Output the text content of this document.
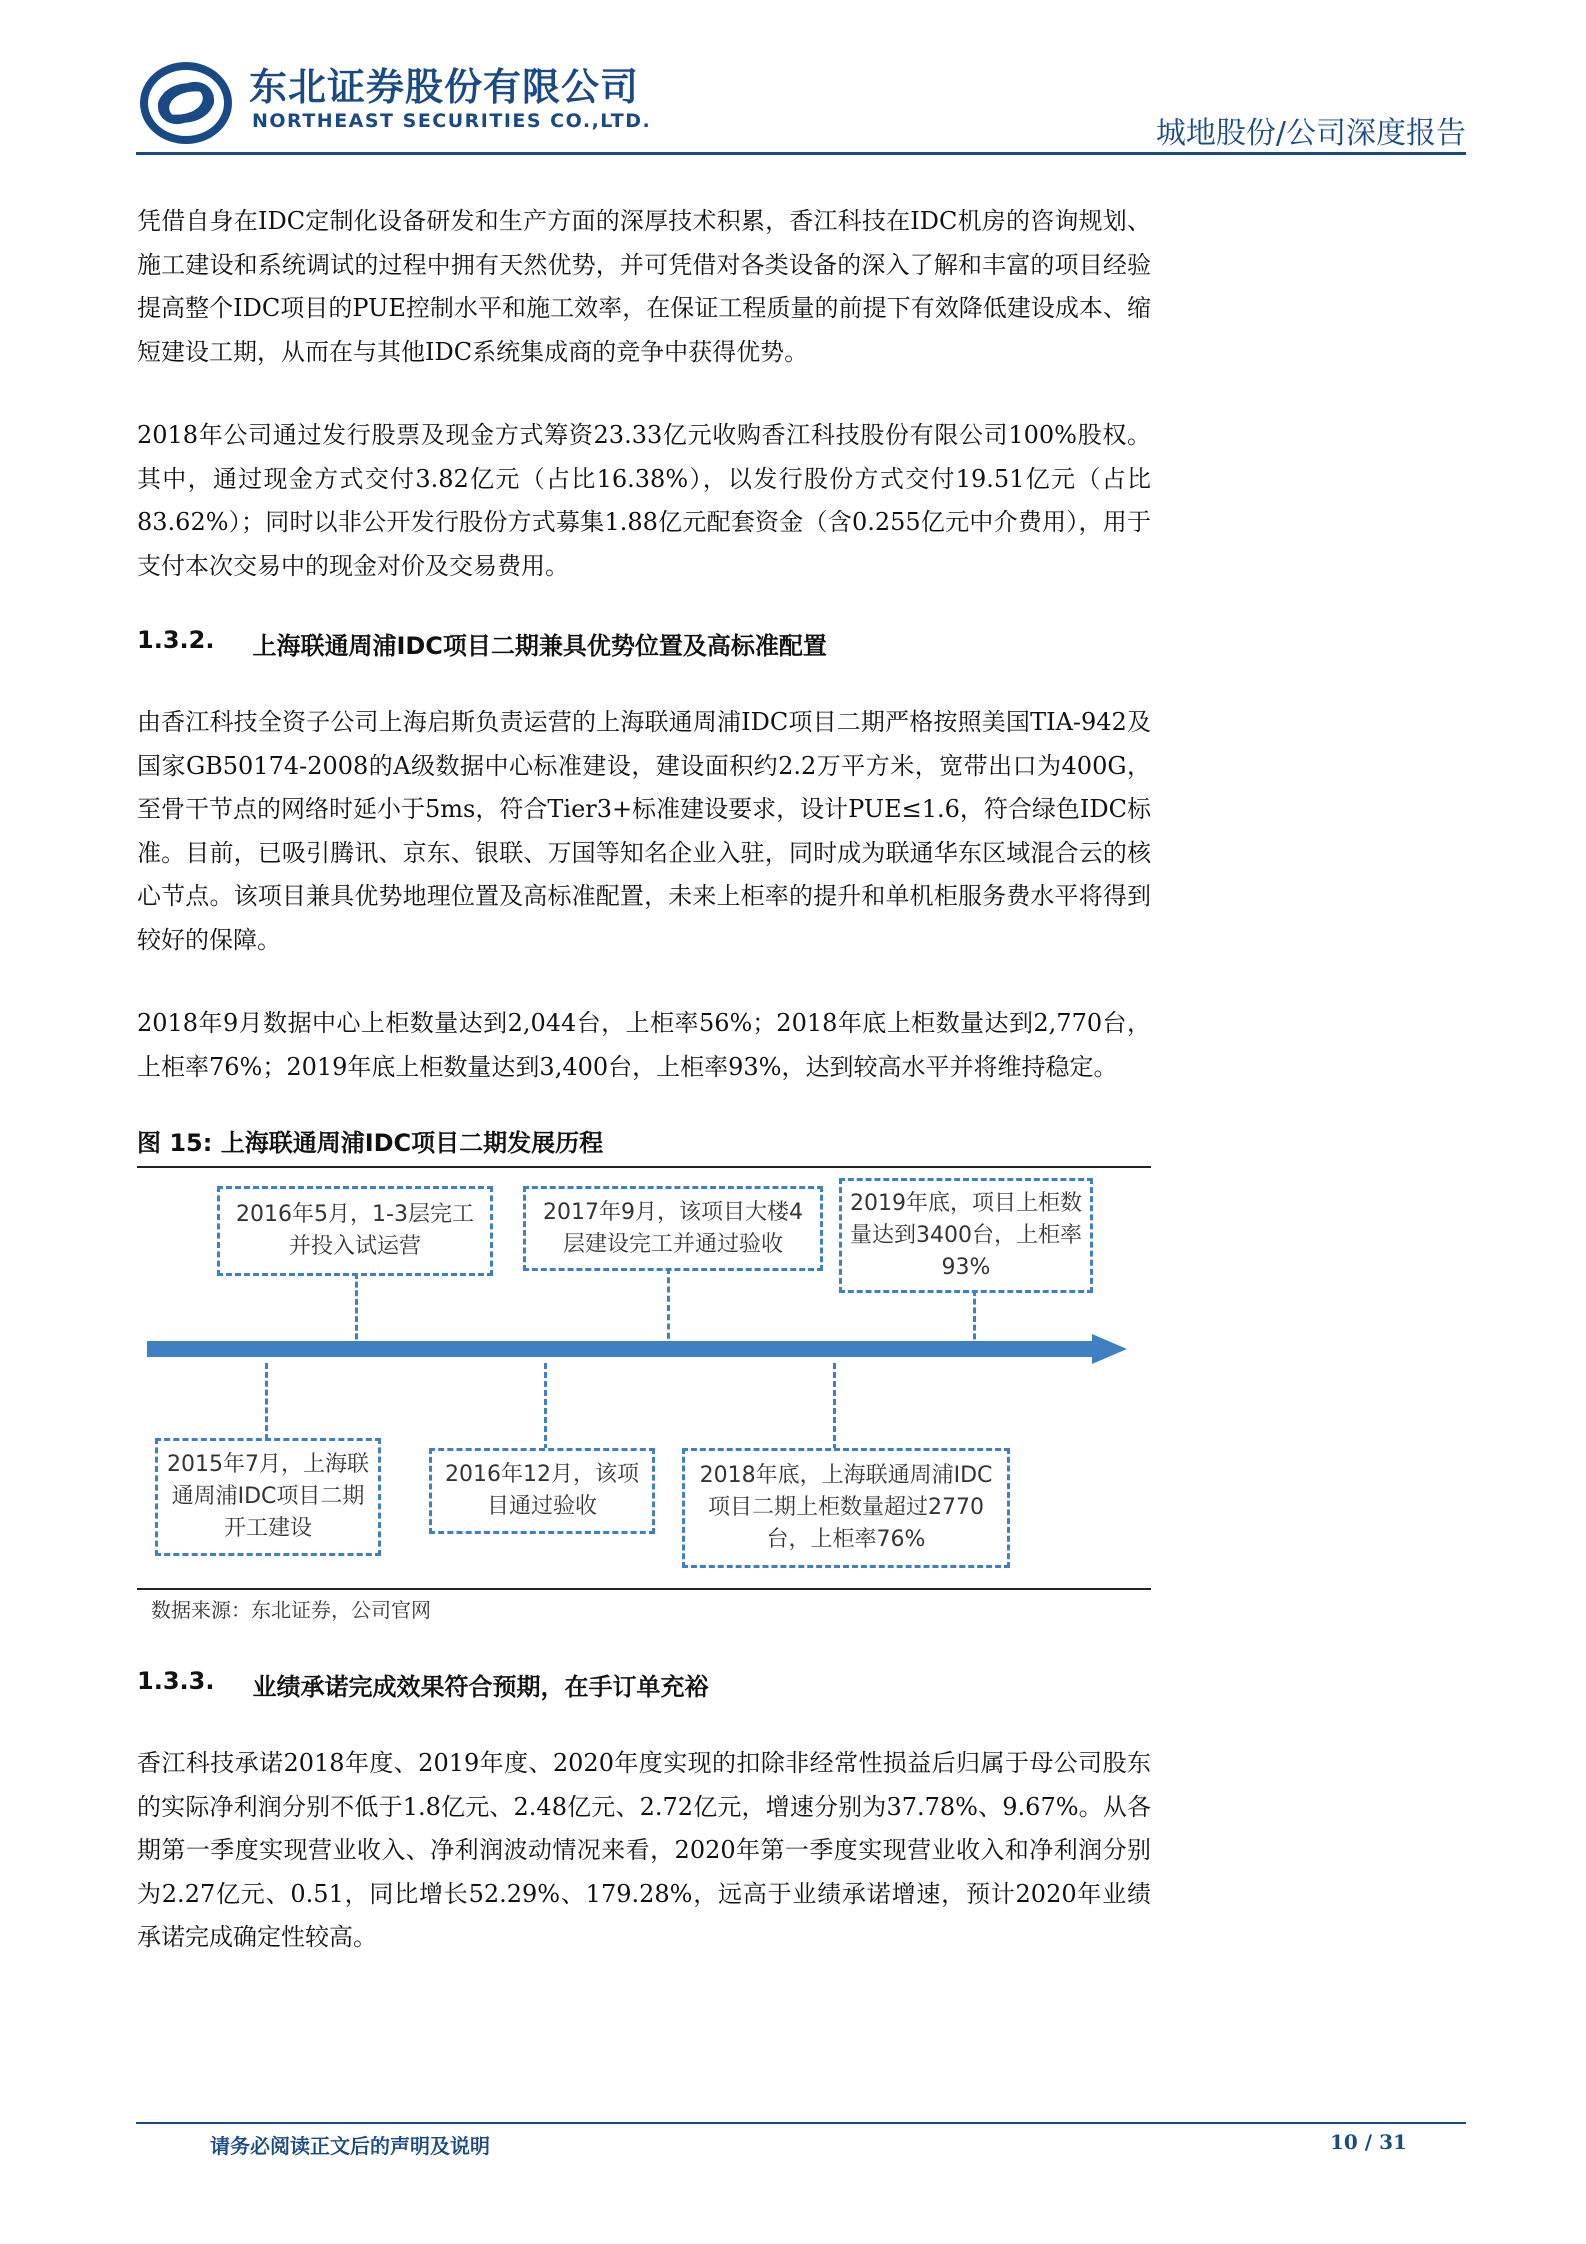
东北证券股份有限公司
NORTHEAST SECURITIES CO.,LTD.	城地股份/公司深度报告

凭借自身在IDC定制化设备研发和生产方面的深厚技术积累，香江科技在IDC机房的咨询规划、施工建设和系统调试的过程中拥有天然优势，并可凭借对各类设备的深入了解和丰富的项目经验提高整个IDC项目的PUE控制水平和施工效率，在保证工程质量的前提下有效降低建设成本、缩短建设工期，从而在与其他IDC系统集成商的竞争中获得优势。

2018年公司通过发行股票及现金方式筹资23.33亿元收购香江科技股份有限公司100%股权。其中，通过现金方式交付3.82亿元（占比16.38%），以发行股份方式交付19.51亿元（占比83.62%）；同时以非公开发行股份方式募集1.88亿元配套资金（含0.255亿元中介费用），用于支付本次交易中的现金对价及交易费用。

1.3.2. 上海联通周浦IDC项目二期兼具优势位置及高标准配置

由香江科技全资子公司上海启斯负责运营的上海联通周浦IDC项目二期严格按照美国TIA-942及国家GB50174-2008的A级数据中心标准建设，建设面积约2.2万平方米，宽带出口为400G，至骨干节点的网络时延小于5ms，符合Tier3+标准建设要求，设计PUE≤1.6，符合绿色IDC标准。目前，已吸引腾讯、京东、银联、万国等知名企业入驻，同时成为联通华东区域混合云的核心节点。该项目兼具优势地理位置及高标准配置，未来上柜率的提升和单机柜服务费水平将得到较好的保障。

2018年9月数据中心上柜数量达到2,044台，上柜率56%；2018年底上柜数量达到2,770台，上柜率76%；2019年底上柜数量达到3,400台，上柜率93%，达到较高水平并将维持稳定。

图 15: 上海联通周浦IDC项目二期发展历程
2016年5月，1-3层完工并投入试运营
2017年9月，该项目大楼4层建设完工并通过验收
2019年底，项目上柜数量达到3400台，上柜率93%
2015年7月，上海联通周浦IDC项目二期开工建设
2016年12月，该项目通过验收
2018年底，上海联通周浦IDC项目二期上柜数量超过2770台，上柜率76%
数据来源：东北证券，公司官网
1.3.3. 业绩承诺完成效果符合预期，在手订单充裕

香江科技承诺2018年度、2019年度、2020年度实现的扣除非经常性损益后归属于母公司股东的实际净利润分别不低于1.8亿元、2.48亿元、2.72亿元，增速分别为37.78%、9.67%。从各期第一季度实现营业收入、净利润波动情况来看，2020年第一季度实现营业收入和净利润分别为2.27亿元、0.51，同比增长52.29%、179.28%，远高于业绩承诺增速，预计2020年业绩承诺完成确定性较高。

请务必阅读正文后的声明及说明	10 / 31
